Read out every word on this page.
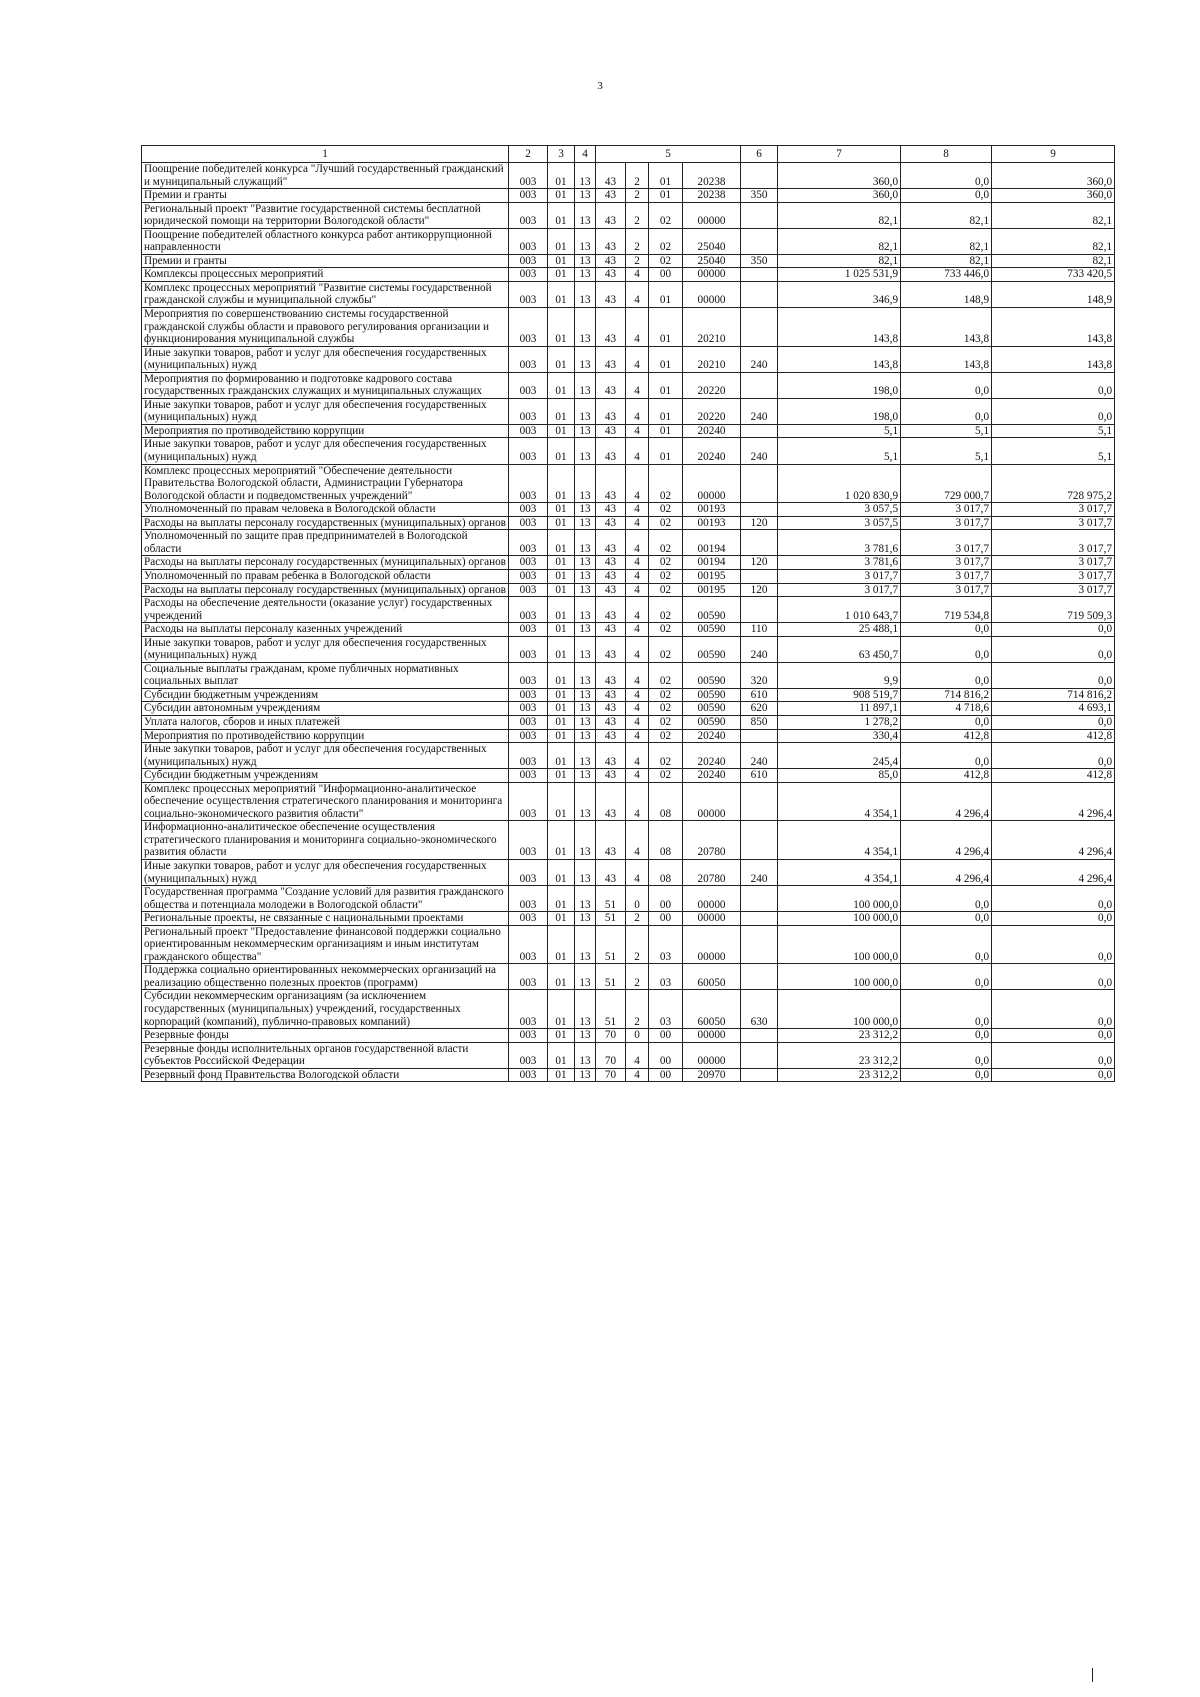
3
1	2	3	4	5				6	7	8	9
Поощрение победителей конкурса "Лучший государственный гражданский и муниципальный служащий"	003	01	13	43	2	01	20238		360,0	0,0	360,0
Премии и гранты	003	01	13	43	2	01	20238	350	360,0	0,0	360,0
Региональный проект "Развитие государственной системы бесплатной юридической помощи на территории Вологодской области"	003	01	13	43	2	02	00000		82,1	82,1	82,1
Поощрение победителей областного конкурса работ антикоррупционной направленности	003	01	13	43	2	02	25040		82,1	82,1	82,1
Премии и гранты	003	01	13	43	2	02	25040	350	82,1	82,1	82,1
Комплексы процессных мероприятий	003	01	13	43	4	00	00000		1 025 531,9	733 446,0	733 420,5
Комплекс процессных мероприятий "Развитие системы государственной гражданской службы и муниципальной службы"	003	01	13	43	4	01	00000		346,9	148,9	148,9
Мероприятия по совершенствованию системы государственной гражданской службы области и правового регулирования организации и функционирования муниципальной службы	003	01	13	43	4	01	20210		143,8	143,8	143,8
Иные закупки товаров, работ и услуг для обеспечения государственных (муниципальных) нужд	003	01	13	43	4	01	20210	240	143,8	143,8	143,8
Мероприятия по формированию и подготовке кадрового состава государственных гражданских служащих и муниципальных служащих	003	01	13	43	4	01	20220		198,0	0,0	0,0
Иные закупки товаров, работ и услуг для обеспечения государственных (муниципальных) нужд	003	01	13	43	4	01	20220	240	198,0	0,0	0,0
Мероприятия по противодействию коррупции	003	01	13	43	4	01	20240		5,1	5,1	5,1
Иные закупки товаров, работ и услуг для обеспечения государственных (муниципальных) нужд	003	01	13	43	4	01	20240	240	5,1	5,1	5,1
Комплекс процессных мероприятий "Обеспечение деятельности Правительства Вологодской области, Администрации Губернатора Вологодской области и подведомственных учреждений"	003	01	13	43	4	02	00000		1 020 830,9	729 000,7	728 975,2
Уполномоченный по правам человека в Вологодской области	003	01	13	43	4	02	00193		3 057,5	3 017,7	3 017,7
Расходы на выплаты персоналу государственных (муниципальных) органов	003	01	13	43	4	02	00193	120	3 057,5	3 017,7	3 017,7
Уполномоченный по защите прав предпринимателей в Вологодской области	003	01	13	43	4	02	00194		3 781,6	3 017,7	3 017,7
Расходы на выплаты персоналу государственных (муниципальных) органов	003	01	13	43	4	02	00194	120	3 781,6	3 017,7	3 017,7
Уполномоченный по правам ребенка в Вологодской области	003	01	13	43	4	02	00195		3 017,7	3 017,7	3 017,7
Расходы на выплаты персоналу государственных (муниципальных) органов	003	01	13	43	4	02	00195	120	3 017,7	3 017,7	3 017,7
Расходы на обеспечение деятельности (оказание услуг) государственных учреждений	003	01	13	43	4	02	00590		1 010 643,7	719 534,8	719 509,3
Расходы на выплаты персоналу казенных учреждений	003	01	13	43	4	02	00590	110	25 488,1	0,0	0,0
Иные закупки товаров, работ и услуг для обеспечения государственных (муниципальных) нужд	003	01	13	43	4	02	00590	240	63 450,7	0,0	0,0
Социальные выплаты гражданам, кроме публичных нормативных социальных выплат	003	01	13	43	4	02	00590	320	9,9	0,0	0,0
Субсидии бюджетным учреждениям	003	01	13	43	4	02	00590	610	908 519,7	714 816,2	714 816,2
Субсидии автономным учреждениям	003	01	13	43	4	02	00590	620	11 897,1	4 718,6	4 693,1
Уплата налогов, сборов и иных платежей	003	01	13	43	4	02	00590	850	1 278,2	0,0	0,0
Мероприятия по противодействию коррупции	003	01	13	43	4	02	20240		330,4	412,8	412,8
Иные закупки товаров, работ и услуг для обеспечения государственных (муниципальных) нужд	003	01	13	43	4	02	20240	240	245,4	0,0	0,0
Субсидии бюджетным учреждениям	003	01	13	43	4	02	20240	610	85,0	412,8	412,8
Комплекс процессных мероприятий "Информационно-аналитическое обеспечение осуществления стратегического планирования и мониторинга социально-экономического развития области"	003	01	13	43	4	08	00000		4 354,1	4 296,4	4 296,4
Информационно-аналитическое обеспечение осуществления стратегического планирования и мониторинга социально-экономического развития области	003	01	13	43	4	08	20780		4 354,1	4 296,4	4 296,4
Иные закупки товаров, работ и услуг для обеспечения государственных (муниципальных) нужд	003	01	13	43	4	08	20780	240	4 354,1	4 296,4	4 296,4
Государственная программа "Создание условий для развития гражданского общества и потенциала молодежи в Вологодской области"	003	01	13	51	0	00	00000		100 000,0	0,0	0,0
Региональные проекты, не связанные с национальными проектами	003	01	13	51	2	00	00000		100 000,0	0,0	0,0
Региональный проект "Предоставление финансовой поддержки социально ориентированным некоммерческим организациям и иным институтам гражданского общества"	003	01	13	51	2	03	00000		100 000,0	0,0	0,0
Поддержка социально ориентированных некоммерческих организаций на реализацию общественно полезных проектов (программ)	003	01	13	51	2	03	60050		100 000,0	0,0	0,0
Субсидии некоммерческим организациям (за исключением государственных (муниципальных) учреждений, государственных корпораций (компаний), публично-правовых компаний)	003	01	13	51	2	03	60050	630	100 000,0	0,0	0,0
Резервные фонды	003	01	13	70	0	00	00000		23 312,2	0,0	0,0
Резервные фонды исполнительных органов государственной власти субъектов Российской Федерации	003	01	13	70	4	00	00000		23 312,2	0,0	0,0
Резервный фонд Правительства Вологодской области	003	01	13	70	4	00	20970		23 312,2	0,0	0,0
